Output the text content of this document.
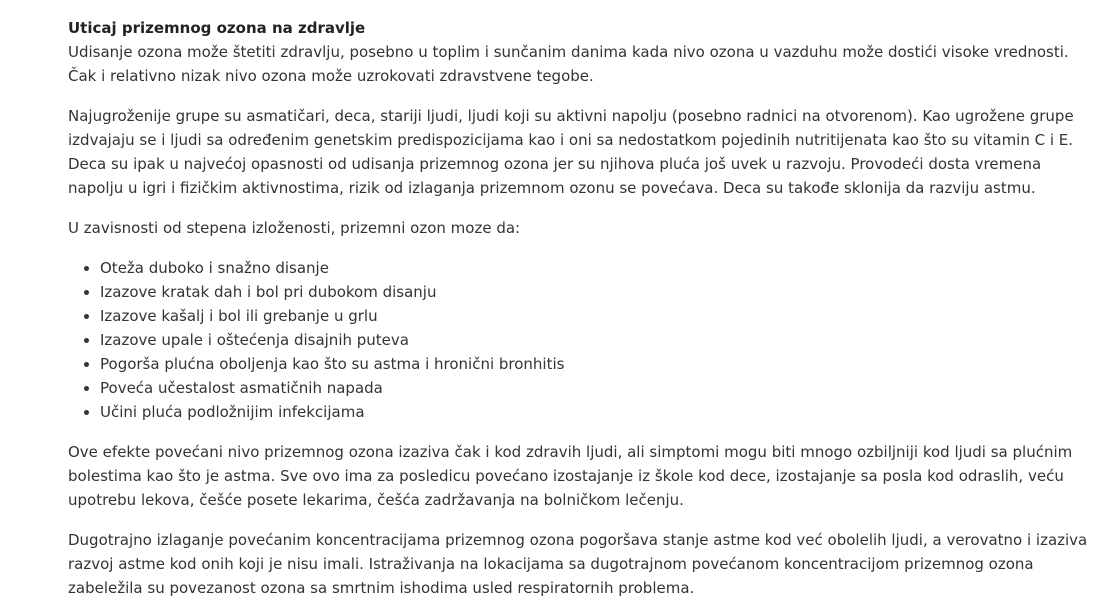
Uticaj prizemnog ozona na zdravlje
Udisanje ozona može štetiti zdravlju, posebno u toplim i sunčanim danima kada nivo ozona u vazduhu može dostići visoke vrednosti. Čak i relativno nizak nivo ozona može uzrokovati zdravstvene tegobe.

Najugroženije grupe su asmatičari, deca, stariji ljudi, ljudi koji su aktivni napolju (posebno radnici na otvorenom). Kao ugrožene grupe izdvajaju se i ljudi sa određenim genetskim predispozicijama kao i oni sa nedostatkom pojedinih nutritijenata kao što su vitamin C i E. Deca su ipak u najvećoj opasnosti od udisanja prizemnog ozona jer su njihova pluća još uvek u razvoju. Provodeći dosta vremena napolju u igri i fizičkim aktivnostima, rizik od izlaganja prizemnom ozonu se povećava. Deca su takođe sklonija da razviju astmu.

U zavisnosti od stepena izloženosti, prizemni ozon moze da:

• Oteža duboko i snažno disanje
• Izazove kratak dah i bol pri dubokom disanju
• Izazove kašalj i bol ili grebanje u grlu
• Izazove upale i oštećenja disajnih puteva
• Pogorša plućna oboljenja kao što su astma i hronični bronhitis
• Poveća učestalost asmatičnih napada
• Učini pluća podložnijim infekcijama

Ove efekte povećani nivo prizemnog ozona izaziva čak i kod zdravih ljudi, ali simptomi mogu biti mnogo ozbiljniji kod ljudi sa plućnim bolestima kao što je astma. Sve ovo ima za posledicu povećano izostajanje iz škole kod dece, izostajanje sa posla kod odraslih, veću upotrebu lekova, češće posete lekarima, češća zadržavanja na bolničkom lečenju.

Dugotrajno izlaganje povećanim koncentracijama prizemnog ozona pogoršava stanje astme kod već obolelih ljudi, a verovatno i izaziva razvoj astme kod onih koji je nisu imali. Istraživanja na lokacijama sa dugotrajnom povećanom koncentracijom prizemnog ozona zabeležila su povezanost ozona sa smrtnim ishodima usled respiratornih problema.
